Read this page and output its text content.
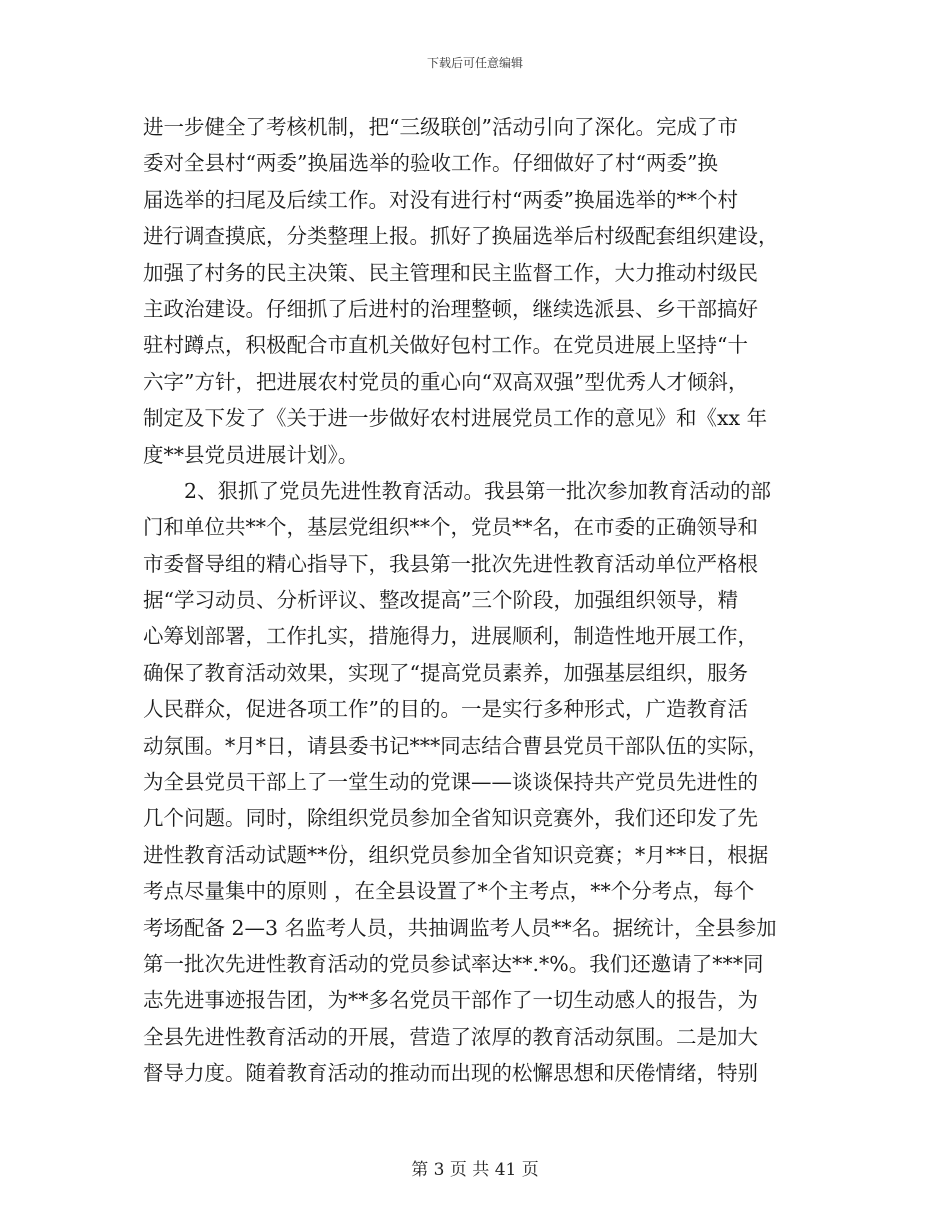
下载后可任意编辑
进一步健全了考核机制，把“三级联创”活动引向了深化。完成了市
委对全县村“两委”换届选举的验收工作。仔细做好了村“两委”换
届选举的扫尾及后续工作。对没有进行村“两委”换届选举的**个村
进行调查摸底，分类整理上报。抓好了换届选举后村级配套组织建设，
加强了村务的民主决策、民主管理和民主监督工作，大力推动村级民
主政治建设。仔细抓了后进村的治理整顿，继续选派县、乡干部搞好
驻村蹲点，积极配合市直机关做好包村工作。在党员进展上坚持“十
六字”方针，把进展农村党员的重心向“双高双强”型优秀人才倾斜，
制定及下发了《关于进一步做好农村进展党员工作的意见》和《xx 年
度**县党员进展计划》。
　　2、狠抓了党员先进性教育活动。我县第一批次参加教育活动的部
门和单位共**个，基层党组织**个，党员**名，在市委的正确领导和
市委督导组的精心指导下，我县第一批次先进性教育活动单位严格根
据“学习动员、分析评议、整改提高”三个阶段，加强组织领导，精
心筹划部署，工作扎实，措施得力，进展顺利，制造性地开展工作，
确保了教育活动效果，实现了“提高党员素养，加强基层组织，服务
人民群众，促进各项工作”的目的。一是实行多种形式，广造教育活
动氛围。*月*日，请县委书记***同志结合曹县党员干部队伍的实际，
为全县党员干部上了一堂生动的党课——谈谈保持共产党员先进性的
几个问题。同时，除组织党员参加全省知识竞赛外，我们还印发了先
进性教育活动试题**份，组织党员参加全省知识竞赛；*月**日，根据
考点尽量集中的原则 ，在全县设置了*个主考点，**个分考点，每个
考场配备 2—3 名监考人员，共抽调监考人员**名。据统计，全县参加
第一批次先进性教育活动的党员参试率达**.*%。我们还邀请了***同
志先进事迹报告团，为**多名党员干部作了一切生动感人的报告，为
全县先进性教育活动的开展，营造了浓厚的教育活动氛围。二是加大
督导力度。随着教育活动的推动而出现的松懈思想和厌倦情绪，特别
第 3 页 共 41 页
